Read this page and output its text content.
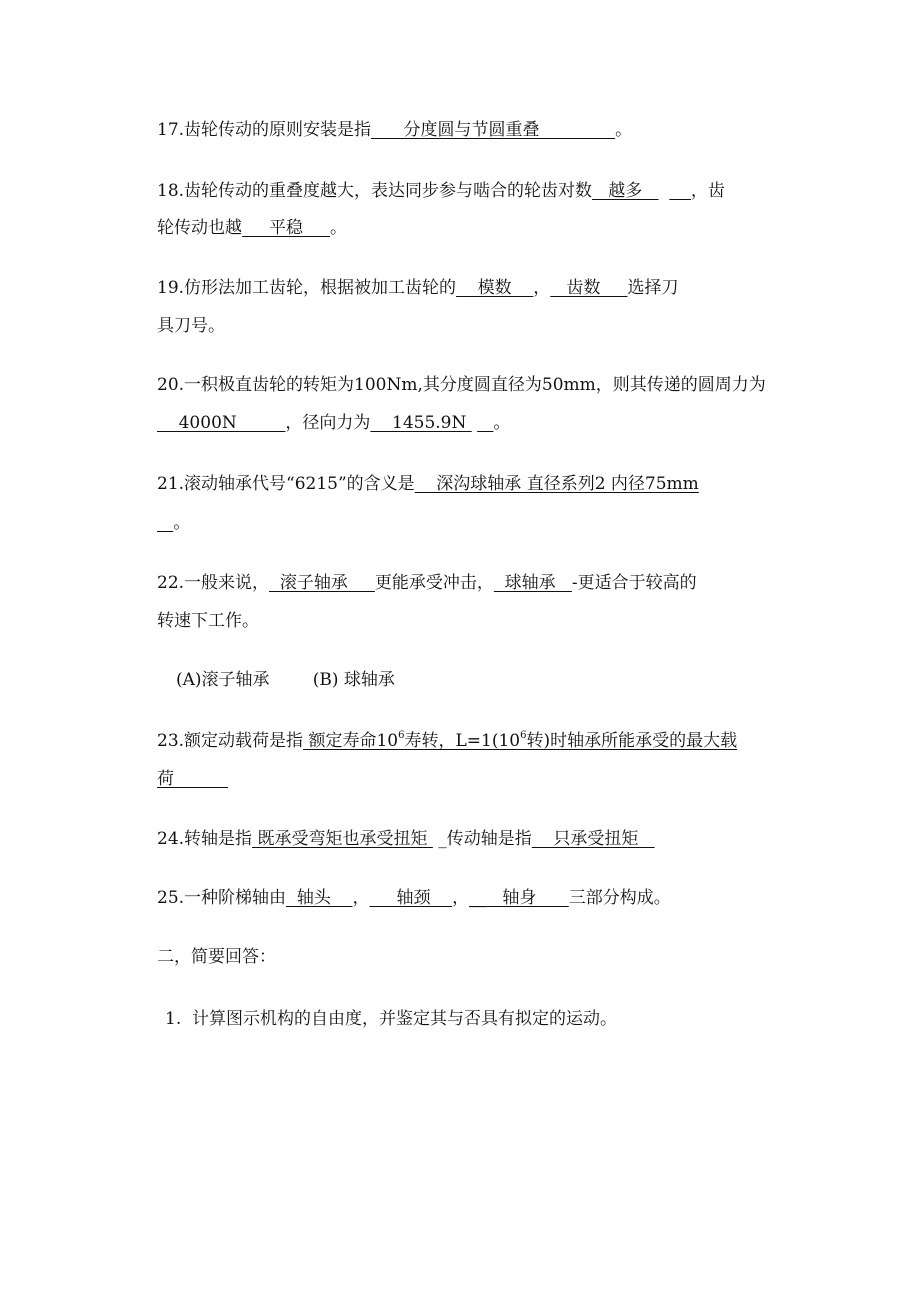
17.齿轮传动的原则安装是指      分度圆与节圆重叠              。
18.齿轮传动的重叠度越大，表达同步参与啮合的轮齿对数   越多         ，齿
轮传动也越     平稳     。
19.仿形法加工齿轮，根据被加工齿轮的    模数    ，   齿数     选择刀
具刀号。
20.一积极直齿轮的转矩为100Nm,其分度圆直径为50mm，则其传递的圆周力为
4000N         ，径向力为    1455.9N     。
21.滚动轴承代号“6215”的含义是    深沟球轴承 直径系列2 内径75mm
。
22.一般来说，  滚子轴承     更能承受冲击，  球轴承   -更适合于较高的
转速下工作。
(A)滚子轴承        (B) 球轴承
23.额定动载荷是指 额定寿命$10^6$寿转，$L=1(10^6$转)时轴承所能承受的最大载
荷
24.转轴是指 既承受弯矩也承受扭矩  _传动轴是指    只承受扭矩
25.一种阶梯轴由  轴头    ，     轴颈    ，__   轴身      三部分构成。
二，简要回答：
1.  计算图示机构的自由度，并鉴定其与否具有拟定的运动。
